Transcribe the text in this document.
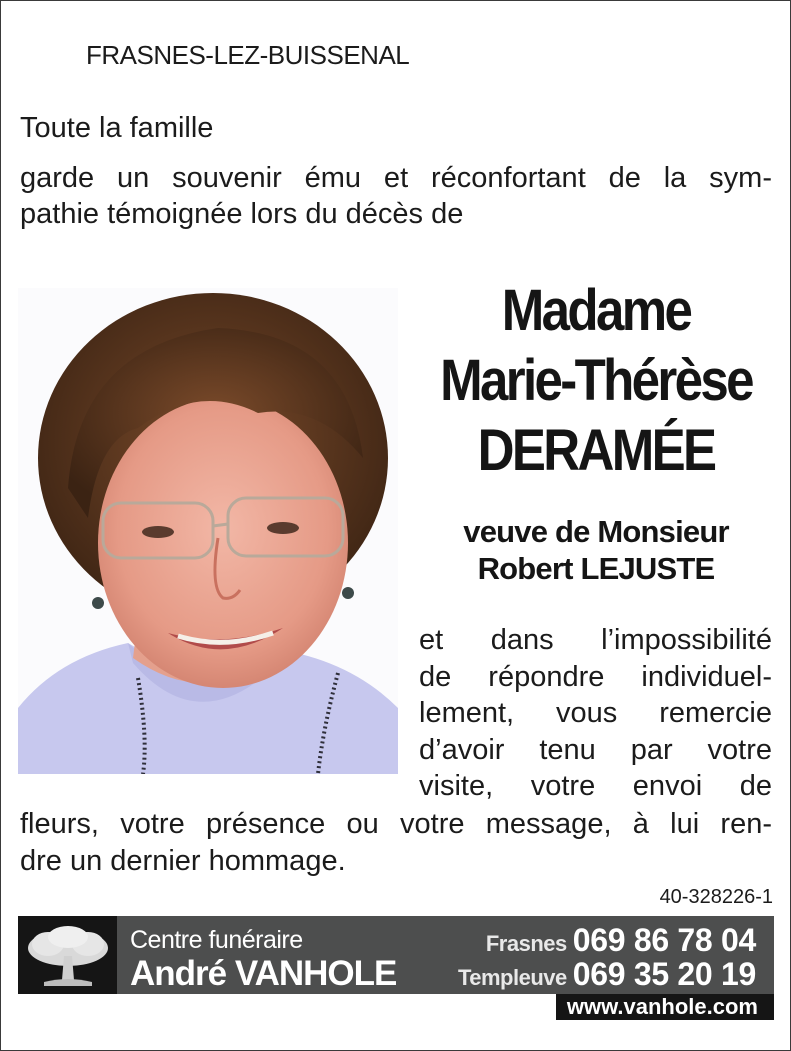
FRASNES-LEZ-BUISSENAL
Toute la famille
garde un souvenir ému et réconfortant de la sym-
pathie témoignée lors du décès de
Madame
Marie-Thérèse
DERAMÉE
veuve de Monsieur
Robert LEJUSTE
et dans l’impossibilité
de répondre individuel-
lement, vous remercie
d’avoir tenu par votre
visite, votre envoi de
fleurs, votre présence ou votre message, à lui ren-
dre un dernier hommage.
40-328226-1
Centre funéraire
André VANHOLE
Frasnes 069 86 78 04
Templeuve 069 35 20 19
www.vanhole.com
